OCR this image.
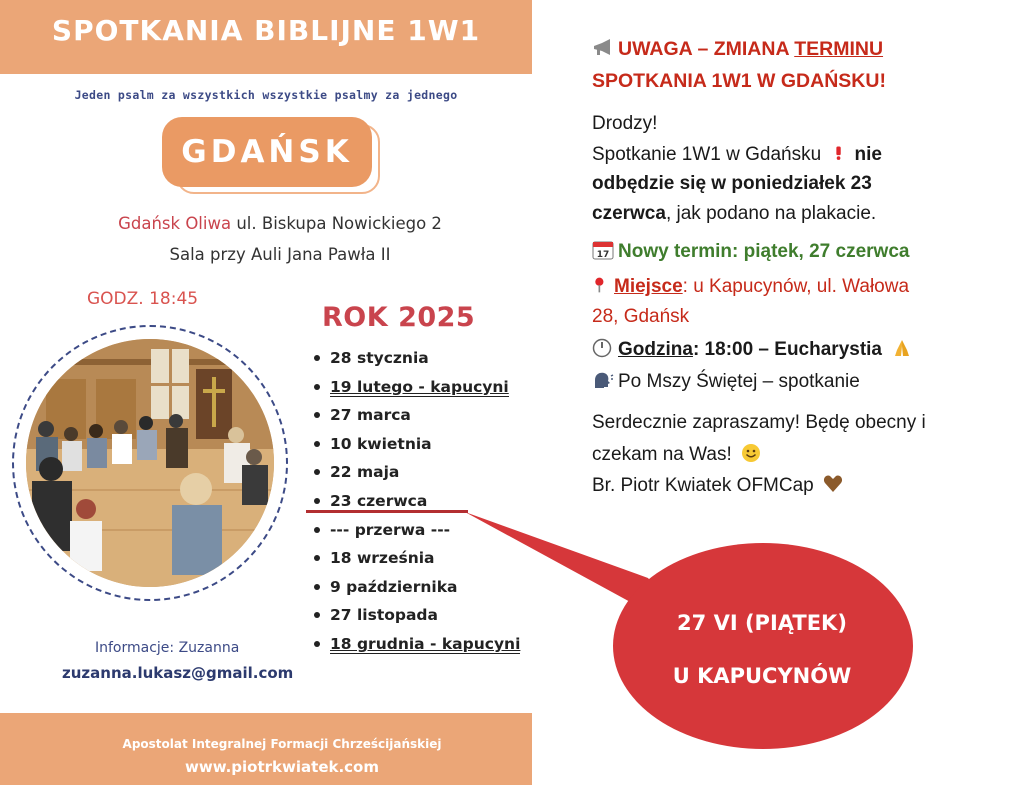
SPOTKANIA BIBLIJNE 1W1
Jeden psalm za wszystkich wszystkie psalmy za jednego
GDAŃSK
Gdańsk Oliwa ul. Biskupa Nowickiego 2
Sala przy Auli Jana Pawła II
GODZ. 18:45
ROK 2025
28 stycznia
19 lutego - kapucyni
27 marca
10 kwietnia
22 maja
23 czerwca
--- przerwa ---
18 września
9 października
27 listopada
18 grudnia - kapucyni
Informacje: Zuzanna
zuzanna.lukasz@gmail.com
Apostolat Integralnej Formacji Chrześcijańskiej
www.piotrkwiatek.com
27 VI (PIĄTEK)
U KAPUCYNÓW
UWAGA – ZMIANA TERMINU
SPOTKANIA 1W1 W GDAŃSKU!
Drodzy!
Spotkanie 1W1 w Gdańsku nie
odbędzie się w poniedziałek 23
czerwca, jak podano na plakacie.
17 Nowy termin: piątek, 27 czerwca
Miejsce: u Kapucynów, ul. Wałowa
28, Gdańsk
Godzina: 18:00 – Eucharystia
Po Mszy Świętej – spotkanie
Serdecznie zapraszamy! Będę obecny i
czekam na Was!
Br. Piotr Kwiatek OFMCap
